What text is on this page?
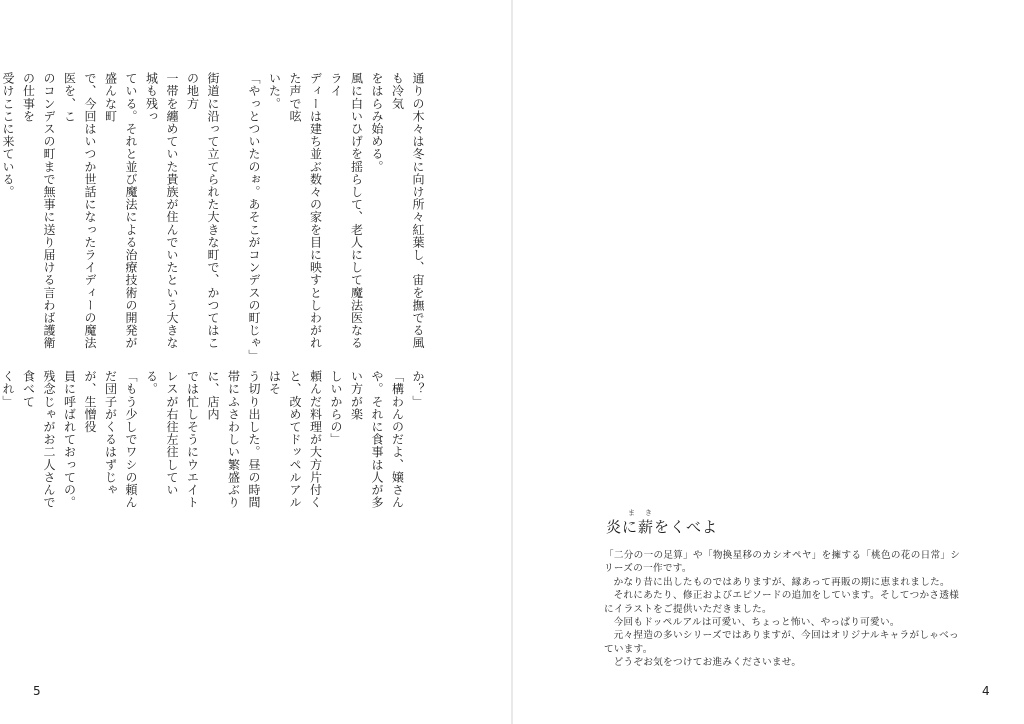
通りの木々は冬に向け所々紅葉し、宙を撫でる風も冷気
をはらみ始める。
風に白いひげを揺らして、老人にして魔法医なるライ
ディーは建ち並ぶ数々の家を目に映すとしわがれた声で呟
いた。
「やっとついたのぉ。あそこがコンデスの町じゃ」
街道に沿って立てられた大きな町で、かつてはこの地方
一帯を纏めていた貴族が住んでいたという大きな城も残っ
ている。それと並び魔法による治療技術の開発が盛んな町
で、今回はいつか世話になったライディーの魔法医を、こ
のコンデスの町まで無事に送り届ける言わば護衛の仕事を
受けここに来ている。
か？」
「構わんのだよ、嬢さんや。それに食事は人が多い方が楽
しいからの」
頼んだ料理が大方片付くと、改めてドッペルアルはそ
う切り出した。昼の時間帯にふさわしい繁盛ぶりに、店内
では忙しそうにウエイトレスが右往左往している。
「もう少しでワシの頼んだ団子がくるはずじゃが、生憎役
員に呼ばれておっての。残念じゃがお二人さんで食べて
くれ」
まき
炎に薪をくべよ

「二分の一の足算」や「物換星移のカシオペヤ」を擁する「桃色の花の日常」シリーズの一作です。

かなり昔に出したものではありますが、縁あって再販の期に恵まれました。

それにあたり、修正およびエピソードの追加をしています。そしてつかさ透様にイラストをご提供いただきました。

今回もドッペルアルは可愛い、ちょっと怖い、やっぱり可愛い。

元々捏造の多いシリーズではありますが、今回はオリジナルキャラがしゃべっています。

どうぞお気をつけてお進みくださいませ。

5	4
